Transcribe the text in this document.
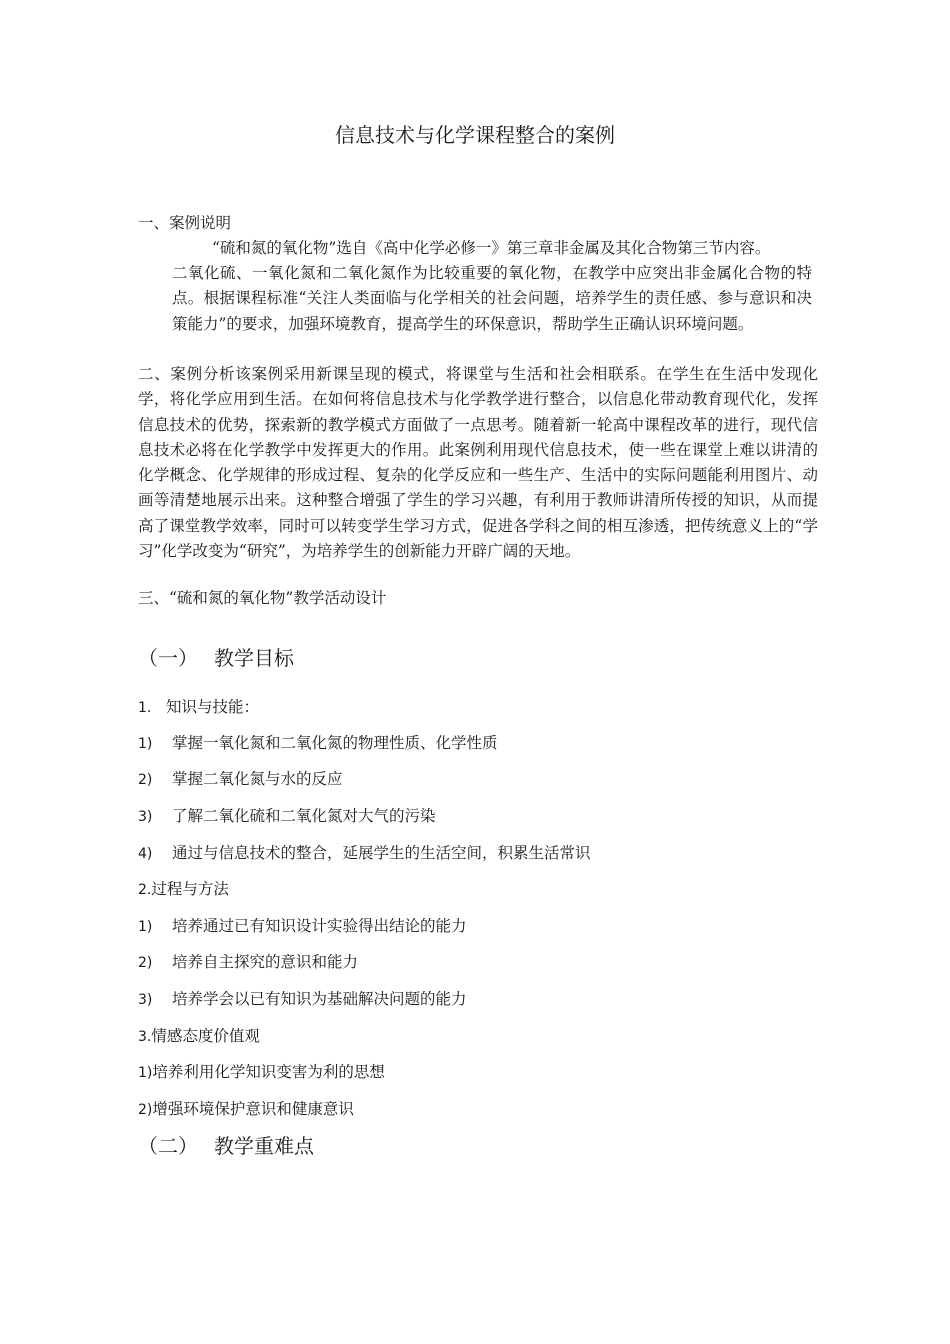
信息技术与化学课程整合的案例
一、案例说明
“硫和氮的氧化物”选自《高中化学必修一》第三章非金属及其化合物第三节内容。
二氧化硫、一氧化氮和二氧化氮作为比较重要的氧化物，在教学中应突出非金属化合物的特点。根据课程标准“关注人类面临与化学相关的社会问题，培养学生的责任感、参与意识和决策能力”的要求，加强环境教育，提高学生的环保意识，帮助学生正确认识环境问题。
二、案例分析该案例采用新课呈现的模式，将课堂与生活和社会相联系。在学生在生活中发现化学，将化学应用到生活。在如何将信息技术与化学教学进行整合，以信息化带动教育现代化，发挥信息技术的优势，探索新的教学模式方面做了一点思考。随着新一轮高中课程改革的进行，现代信息技术必将在化学教学中发挥更大的作用。此案例利用现代信息技术，使一些在课堂上难以讲清的化学概念、化学规律的形成过程、复杂的化学反应和一些生产、生活中的实际问题能利用图片、动画等清楚地展示出来。这种整合增强了学生的学习兴趣，有利用于教师讲清所传授的知识，从而提高了课堂教学效率，同时可以转变学生学习方式，促进各学科之间的相互渗透，把传统意义上的“学习”化学改变为“研究”，为培养学生的创新能力开辟广阔的天地。
三、“硫和氮的氧化物”教学活动设计
（一） 教学目标
1. 知识与技能：
1) 掌握一氧化氮和二氧化氮的物理性质、化学性质
2) 掌握二氧化氮与水的反应
3) 了解二氧化硫和二氧化氮对大气的污染
4) 通过与信息技术的整合，延展学生的生活空间，积累生活常识
2.过程与方法
1) 培养通过已有知识设计实验得出结论的能力
2) 培养自主探究的意识和能力
3) 培养学会以已有知识为基础解决问题的能力
3.情感态度价值观
1)培养利用化学知识变害为利的思想
2)增强环境保护意识和健康意识
（二） 教学重难点
